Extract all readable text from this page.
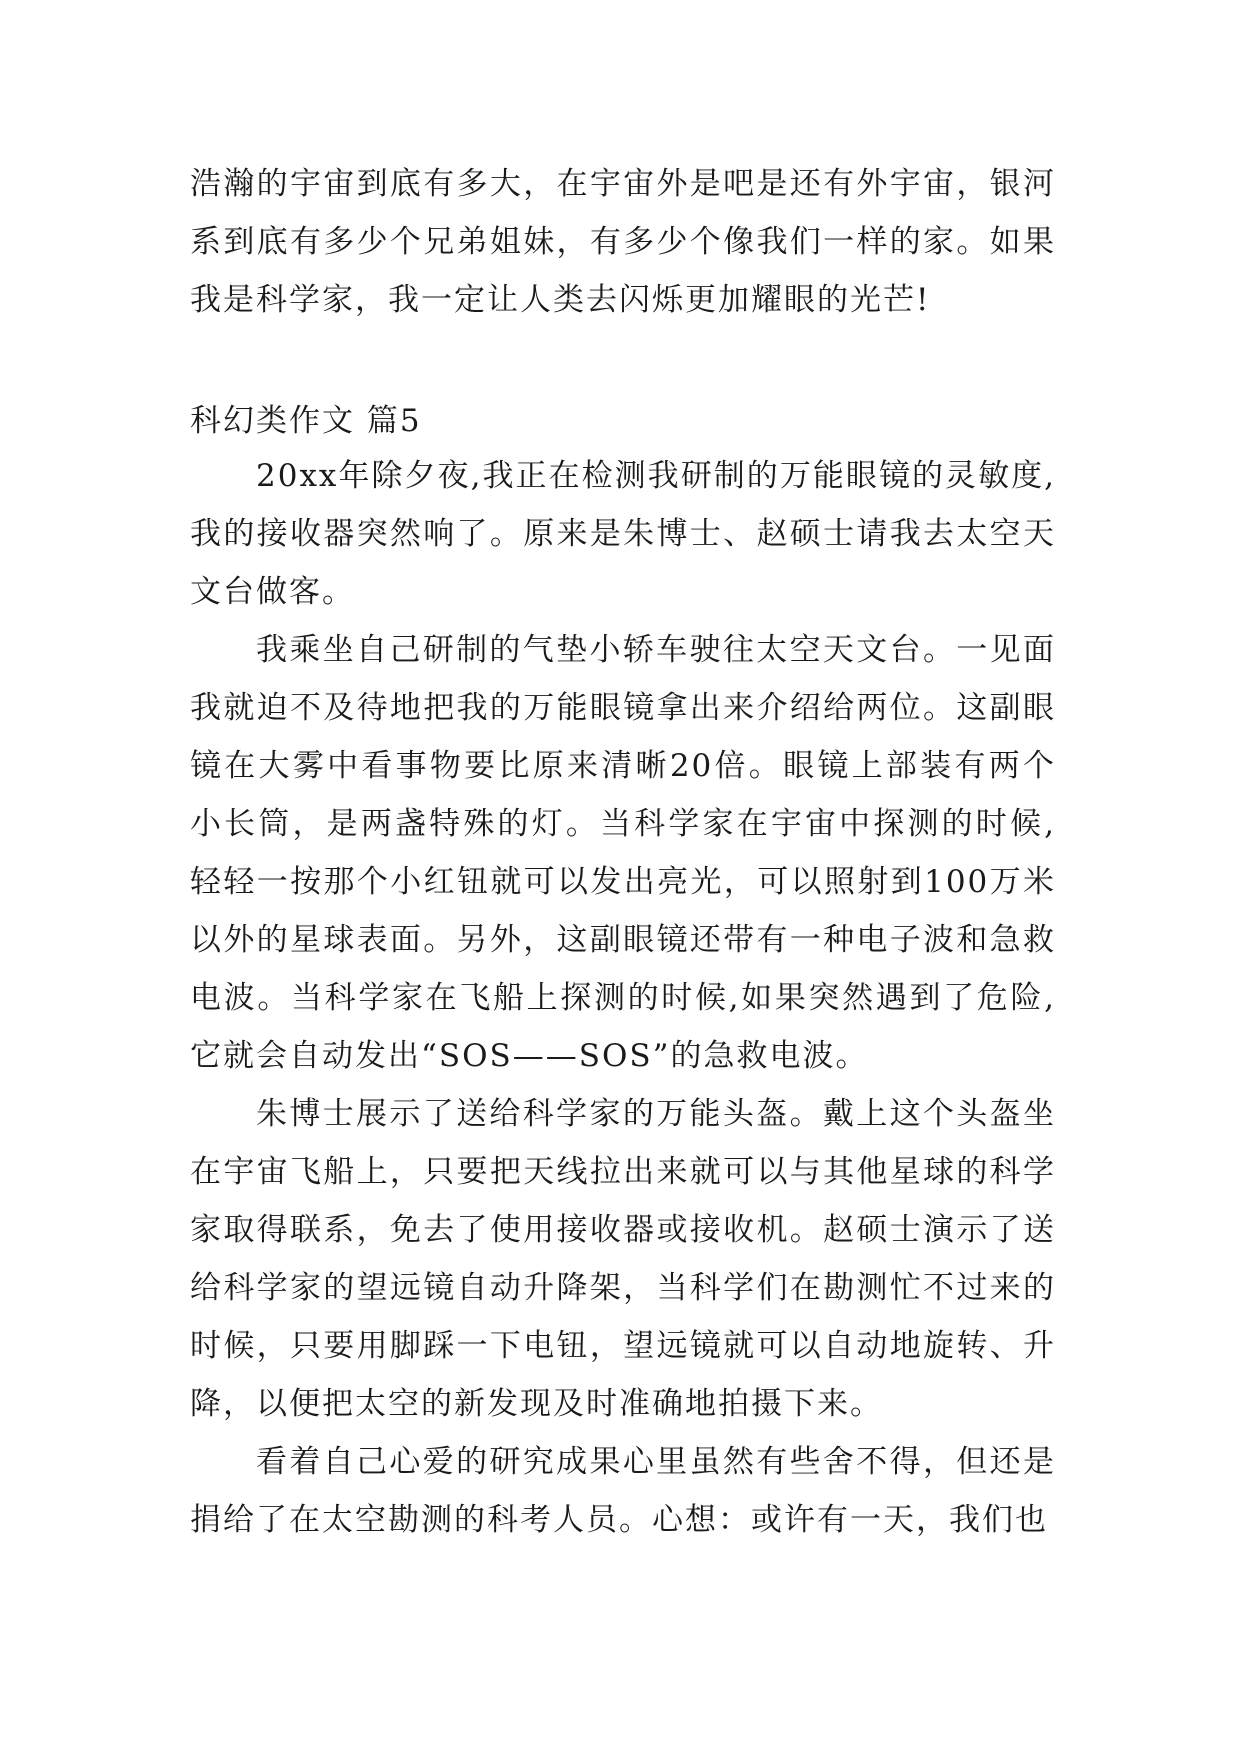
浩瀚的宇宙到底有多大，在宇宙外是吧是还有外宇宙，银河系到底有多少个兄弟姐妹，有多少个像我们一样的家。如果我是科学家，我一定让人类去闪烁更加耀眼的光芒!

科幻类作文 篇5

20xx年除夕夜,我正在检测我研制的万能眼镜的灵敏度,我的接收器突然响了。原来是朱博士、赵硕士请我去太空天文台做客。

我乘坐自己研制的气垫小轿车驶往太空天文台。一见面我就迫不及待地把我的万能眼镜拿出来介绍给两位。这副眼镜在大雾中看事物要比原来清晰20倍。眼镜上部装有两个小长筒，是两盏特殊的灯。当科学家在宇宙中探测的时候,轻轻一按那个小红钮就可以发出亮光，可以照射到100万米以外的星球表面。另外，这副眼镜还带有一种电子波和急救电波。当科学家在飞船上探测的时候,如果突然遇到了危险,它就会自动发出“SOS——SOS”的急救电波。

朱博士展示了送给科学家的万能头盔。戴上这个头盔坐在宇宙飞船上，只要把天线拉出来就可以与其他星球的科学家取得联系，免去了使用接收器或接收机。赵硕士演示了送给科学家的望远镜自动升降架，当科学们在勘测忙不过来的时候，只要用脚踩一下电钮，望远镜就可以自动地旋转、升降，以便把太空的新发现及时准确地拍摄下来。

看着自己心爱的研究成果心里虽然有些舍不得，但还是捐给了在太空勘测的科考人员。心想：或许有一天，我们也
